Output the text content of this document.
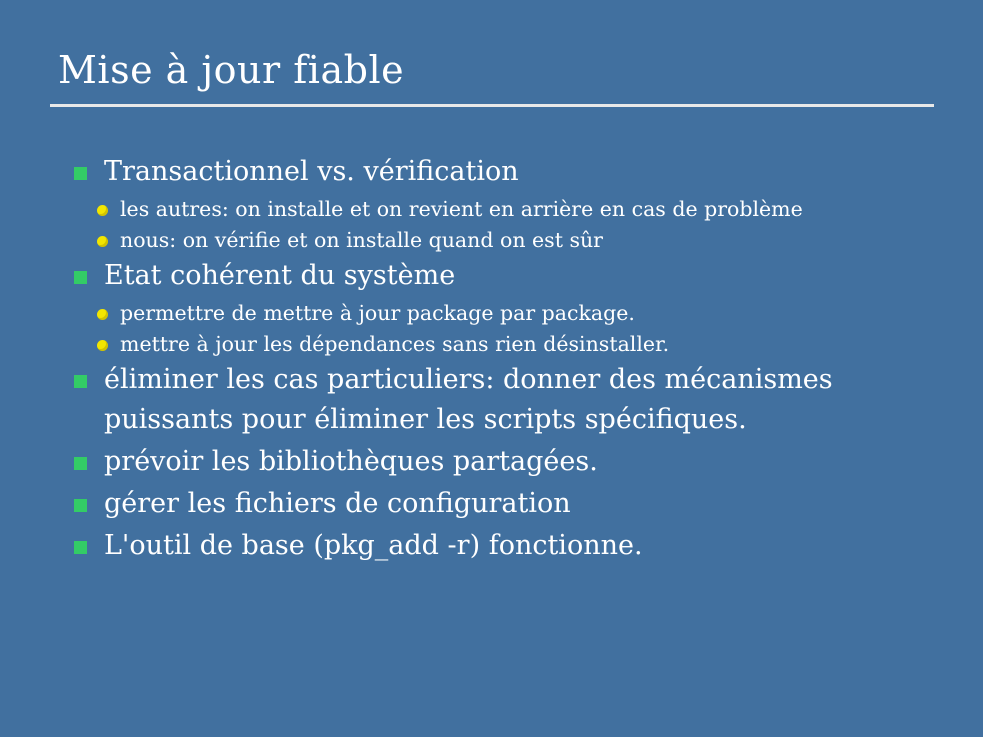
Mise à jour fiable
Transactionnel vs. vérification
les autres: on installe et on revient en arrière en cas de problème
nous: on vérifie et on installe quand on est sûr
Etat cohérent du système
permettre de mettre à jour package par package.
mettre à jour les dépendances sans rien désinstaller.
éliminer les cas particuliers: donner des mécanismes puissants pour éliminer les scripts spécifiques.
prévoir les bibliothèques partagées.
gérer les fichiers de configuration
L'outil de base (pkg_add -r) fonctionne.
